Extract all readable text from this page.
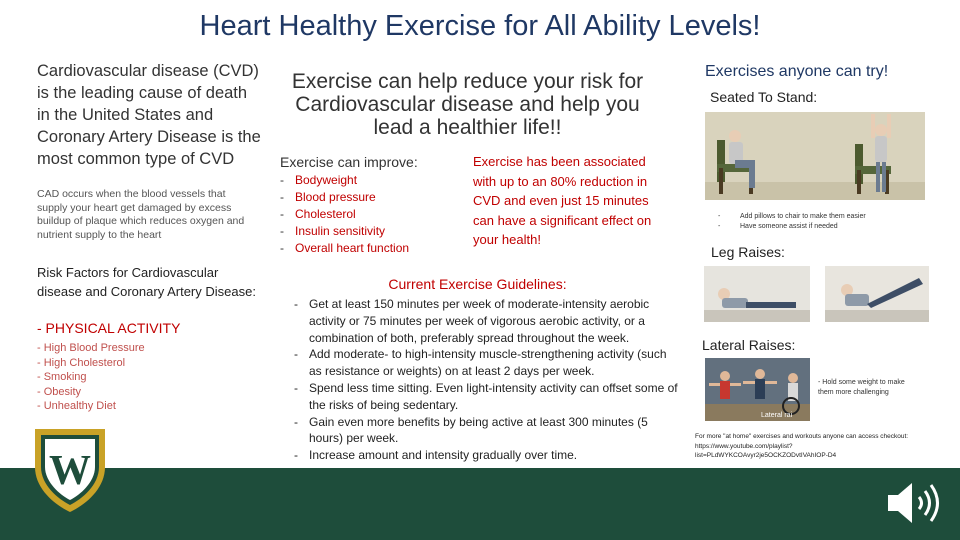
Heart Healthy Exercise for All Ability Levels!
Cardiovascular disease (CVD) is the leading cause of death in the United States and Coronary Artery Disease is the most common type of CVD
CAD occurs when the blood vessels that supply your heart get damaged by excess buildup of plaque which reduces oxygen and nutrient supply to the heart
Risk Factors for Cardiovascular disease and Coronary Artery Disease:
- PHYSICAL ACTIVITY
- High Blood Pressure
- High Cholesterol
- Smoking
- Obesity
- Unhealthy Diet
W
Exercise can help reduce your risk for Cardiovascular disease and help you lead a healthier life!!
Exercise can improve:
- Bodyweight
- Blood pressure
- Cholesterol
- Insulin sensitivity
- Overall heart function
Exercise has been associated with up to an 80% reduction in CVD and even just 15 minutes can have a significant effect on your health!
Current Exercise Guidelines:
- Get at least 150 minutes per week of moderate-intensity aerobic activity or 75 minutes per week of vigorous aerobic activity, or a combination of both, preferably spread throughout the week.
- Add moderate- to high-intensity muscle-strengthening activity (such as resistance or weights) on at least 2 days per week.
- Spend less time sitting. Even light-intensity activity can offset some of the risks of being sedentary.
- Gain even more benefits by being active at least 300 minutes (5 hours) per week.
- Increase amount and intensity gradually over time.
Exercises anyone can try!
Seated To Stand:
- Add pillows to chair to make them easier
- Have someone assist if needed
Leg Raises:
Lateral Raises:
Lateral rai
- Hold some weight to make them more challenging
For more "at home" exercises and workouts anyone can access checkout: https://www.youtube.com/playlist?list=PLdWYKCOAvyr2je5OCKZODvtIVAhIOP-D4
